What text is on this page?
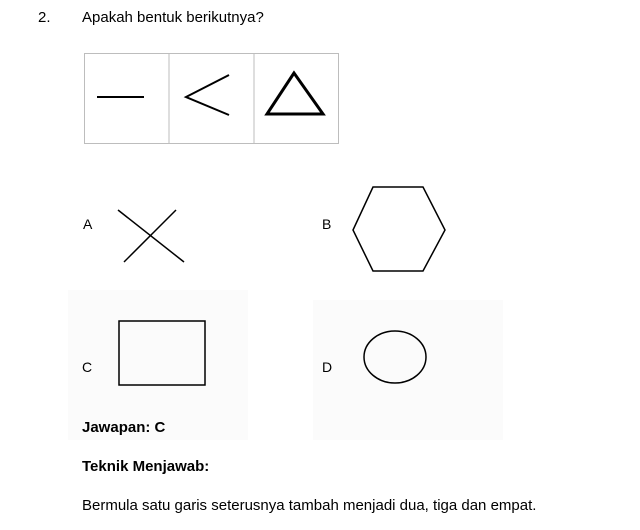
2. Apakah bentuk berikutnya?
A	B
C	D
Jawapan: C
Teknik Menjawab:
Bermula satu garis seterusnya tambah menjadi dua, tiga dan empat.
